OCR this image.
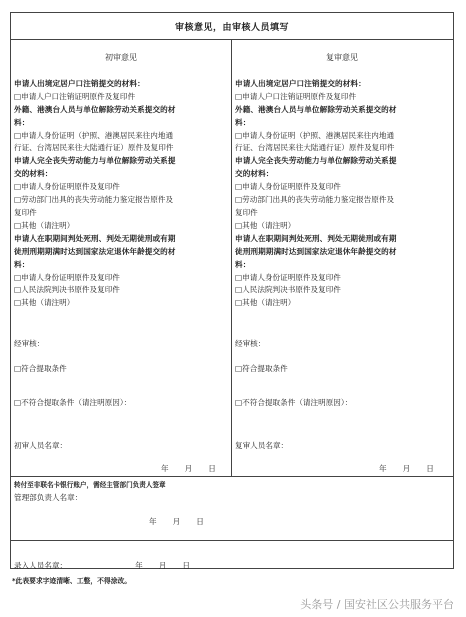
审核意见，由审核人员填写
初审意见
申请人出境定居户口注销提交的材料：
□申请人户口注销证明原件及复印件
外籍、港澳台人员与单位解除劳动关系提交的材
料：
□申请人身份证明（护照、港澳居民来往内地通
行证、台湾居民来往大陆通行证）原件及复印件
申请人完全丧失劳动能力与单位解除劳动关系提
交的材料：
□申请人身份证明原件及复印件
□劳动部门出具的丧失劳动能力鉴定报告原件及
复印件
□其他（请注明）
申请人在职期间判处死刑、判处无期徒刑或有期
徒刑刑期期满时达到国家法定退休年龄提交的材
料：
□申请人身份证明原件及复印件
□人民法院判决书原件及复印件
□其他（请注明）
经审核：
□符合提取条件
□不符合提取条件（请注明原因）：
初审人员名章：
年 月 日
复审意见
申请人出境定居户口注销提交的材料：
□申请人户口注销证明原件及复印件
外籍、港澳台人员与单位解除劳动关系提交的材
料：
□申请人身份证明（护照、港澳居民来往内地通
行证、台湾居民来往大陆通行证）原件及复印件
申请人完全丧失劳动能力与单位解除劳动关系提
交的材料：
□申请人身份证明原件及复印件
□劳动部门出具的丧失劳动能力鉴定报告原件及
复印件
□其他（请注明）
申请人在职期间判处死刑、判处无期徒刑或有期
徒刑刑期期满时达到国家法定退休年龄提交的材
料：
□申请人身份证明原件及复印件
□人民法院判决书原件及复印件
□其他（请注明）
经审核：
□符合提取条件
□不符合提取条件（请注明原因）：
复审人员名章：
年 月 日
转付至非联名卡银行账户，需经主管部门负责人签章
管理部负责人名章：
年 月 日
录入人员名章：	年 月 日
*此表要求字迹清晰、工整，不得涂改。
头条号 / 国安社区公共服务平台
